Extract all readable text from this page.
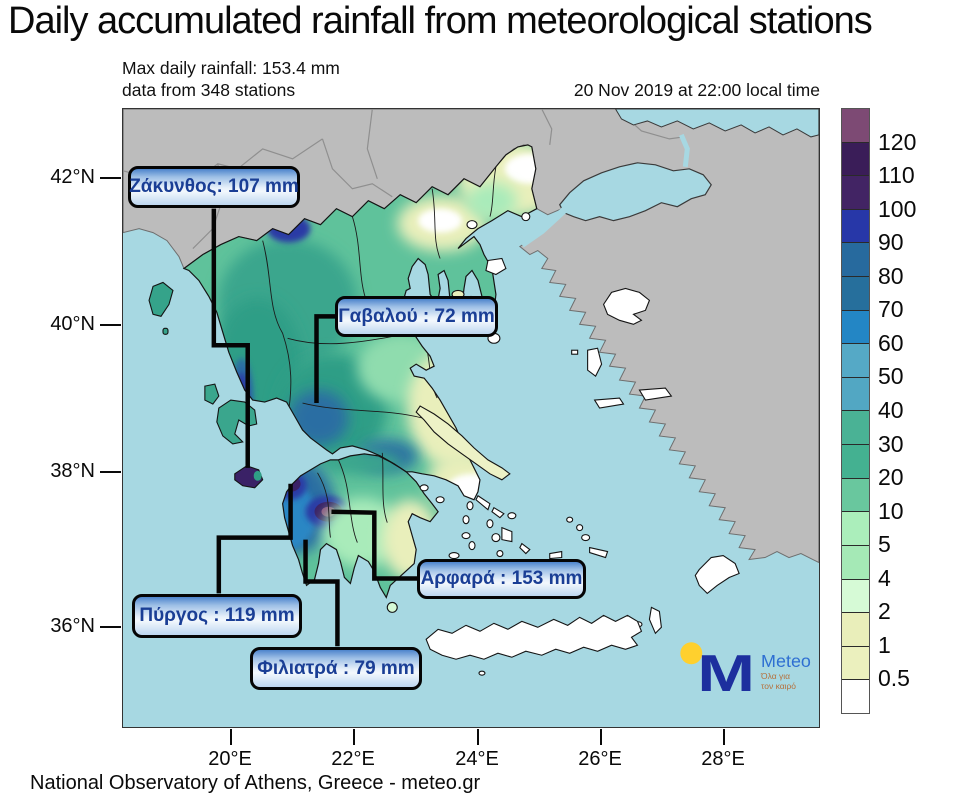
Daily accumulated rainfall from meteorological stations
Max daily rainfall: 153.4 mm
data from 348 stations	20 Nov 2019 at 22:00 local time
42°N
40°N
38°N
36°N
20°E	22°E	24°E	26°E	28°E
M Meteo
Όλα για
τον καιρό
Ζάκυνθος: 107 mm
Γαβαλού : 72 mm
Αρφαρά : 153 mm
Πύργος : 119 mm
Φιλιατρά : 79 mm
120
110
100
90
80
70
60
50
40
30
20
10
5
4
2
1
0.5
National Observatory of Athens, Greece - meteo.gr
